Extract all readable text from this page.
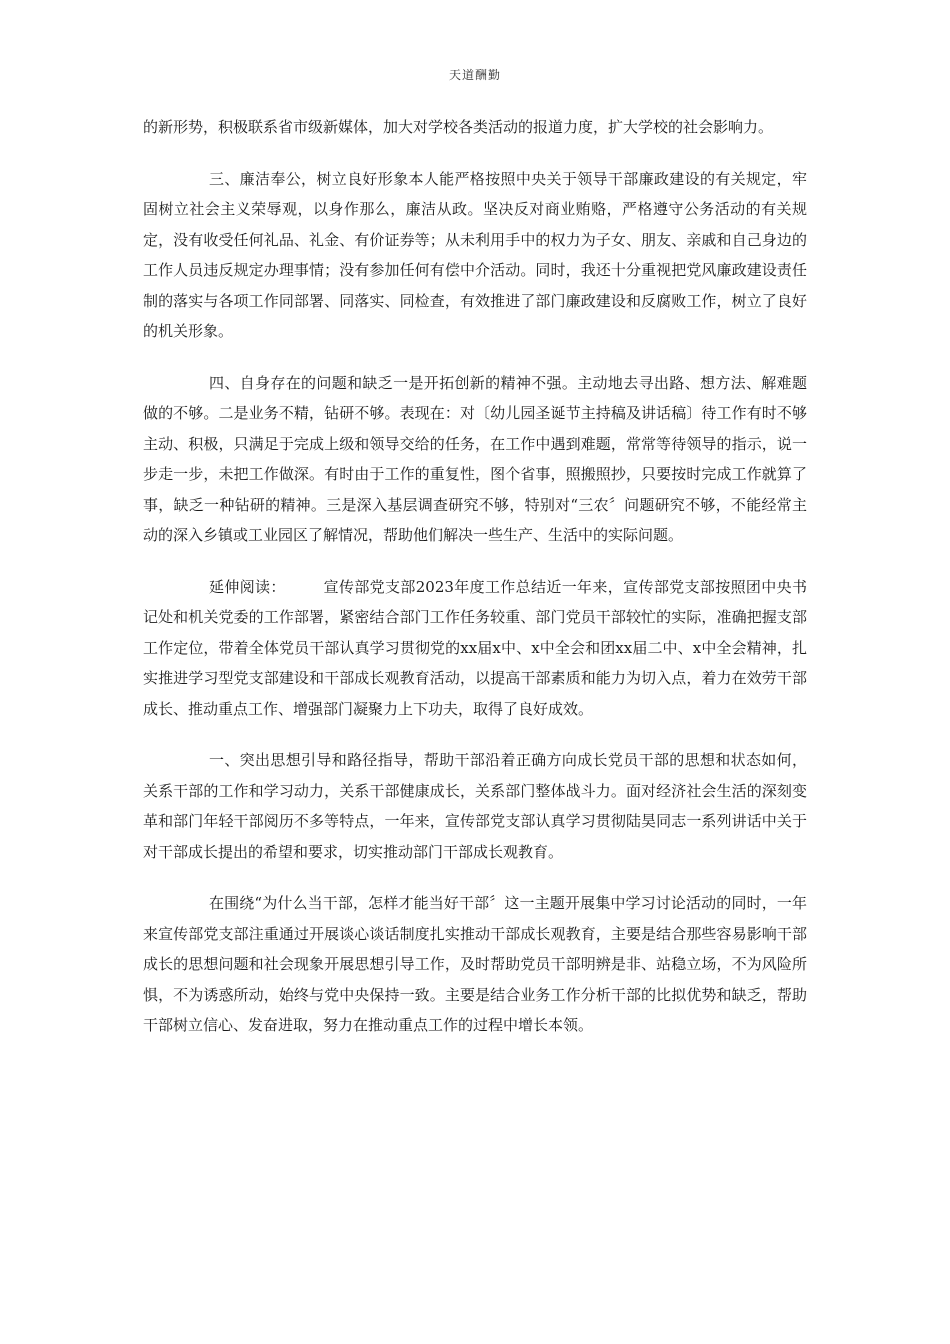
天道酬勤

的新形势，积极联系省市级新媒体，加大对学校各类活动的报道力度，扩大学校的社会影响力。

三、廉洁奉公，树立良好形象本人能严格按照中央关于领导干部廉政建设的有关规定，牢固树立社会主义荣辱观，以身作那么，廉洁从政。坚决反对商业贿赂，严格遵守公务活动的有关规定，没有收受任何礼品、礼金、有价证券等；从未利用手中的权力为子女、朋友、亲戚和自己身边的工作人员违反规定办理事情；没有参加任何有偿中介活动。同时，我还十分重视把党风廉政建设责任制的落实与各项工作同部署、同落实、同检查，有效推进了部门廉政建设和反腐败工作，树立了良好的机关形象。

四、自身存在的问题和缺乏一是开拓创新的精神不强。主动地去寻出路、想方法、解难题做的不够。二是业务不精，钻研不够。表现在：对〔幼儿园圣诞节主持稿及讲话稿〕待工作有时不够主动、积极，只满足于完成上级和领导交给的任务，在工作中遇到难题，常常等待领导的指示，说一步走一步，未把工作做深。有时由于工作的重复性，图个省事，照搬照抄，只要按时完成工作就算了事，缺乏一种钻研的精神。三是深入基层调查研究不够，特别对“三农〞问题研究不够，不能经常主动的深入乡镇或工业园区了解情况，帮助他们解决一些生产、生活中的实际问题。

延伸阅读：	宣传部党支部2023年度工作总结近一年来，宣传部党支部按照团中央书记处和机关党委的工作部署，紧密结合部门工作任务较重、部门党员干部较忙的实际，准确把握支部工作定位，带着全体党员干部认真学习贯彻党的xx届x中、x中全会和团xx届二中、x中全会精神，扎实推进学习型党支部建设和干部成长观教育活动，以提高干部素质和能力为切入点，着力在效劳干部成长、推动重点工作、增强部门凝聚力上下功夫，取得了良好成效。

一、突出思想引导和路径指导，帮助干部沿着正确方向成长党员干部的思想和状态如何，关系干部的工作和学习动力，关系干部健康成长，关系部门整体战斗力。面对经济社会生活的深刻变革和部门年轻干部阅历不多等特点，一年来，宣传部党支部认真学习贯彻陆昊同志一系列讲话中关于对干部成长提出的希望和要求，切实推动部门干部成长观教育。

在围绕“为什么当干部，怎样才能当好干部〞这一主题开展集中学习讨论活动的同时，一年来宣传部党支部注重通过开展谈心谈话制度扎实推动干部成长观教育，主要是结合那些容易影响干部成长的思想问题和社会现象开展思想引导工作，及时帮助党员干部明辨是非、站稳立场，不为风险所惧，不为诱惑所动，始终与党中央保持一致。主要是结合业务工作分析干部的比拟优势和缺乏，帮助干部树立信心、发奋进取，努力在推动重点工作的过程中增长本领。
